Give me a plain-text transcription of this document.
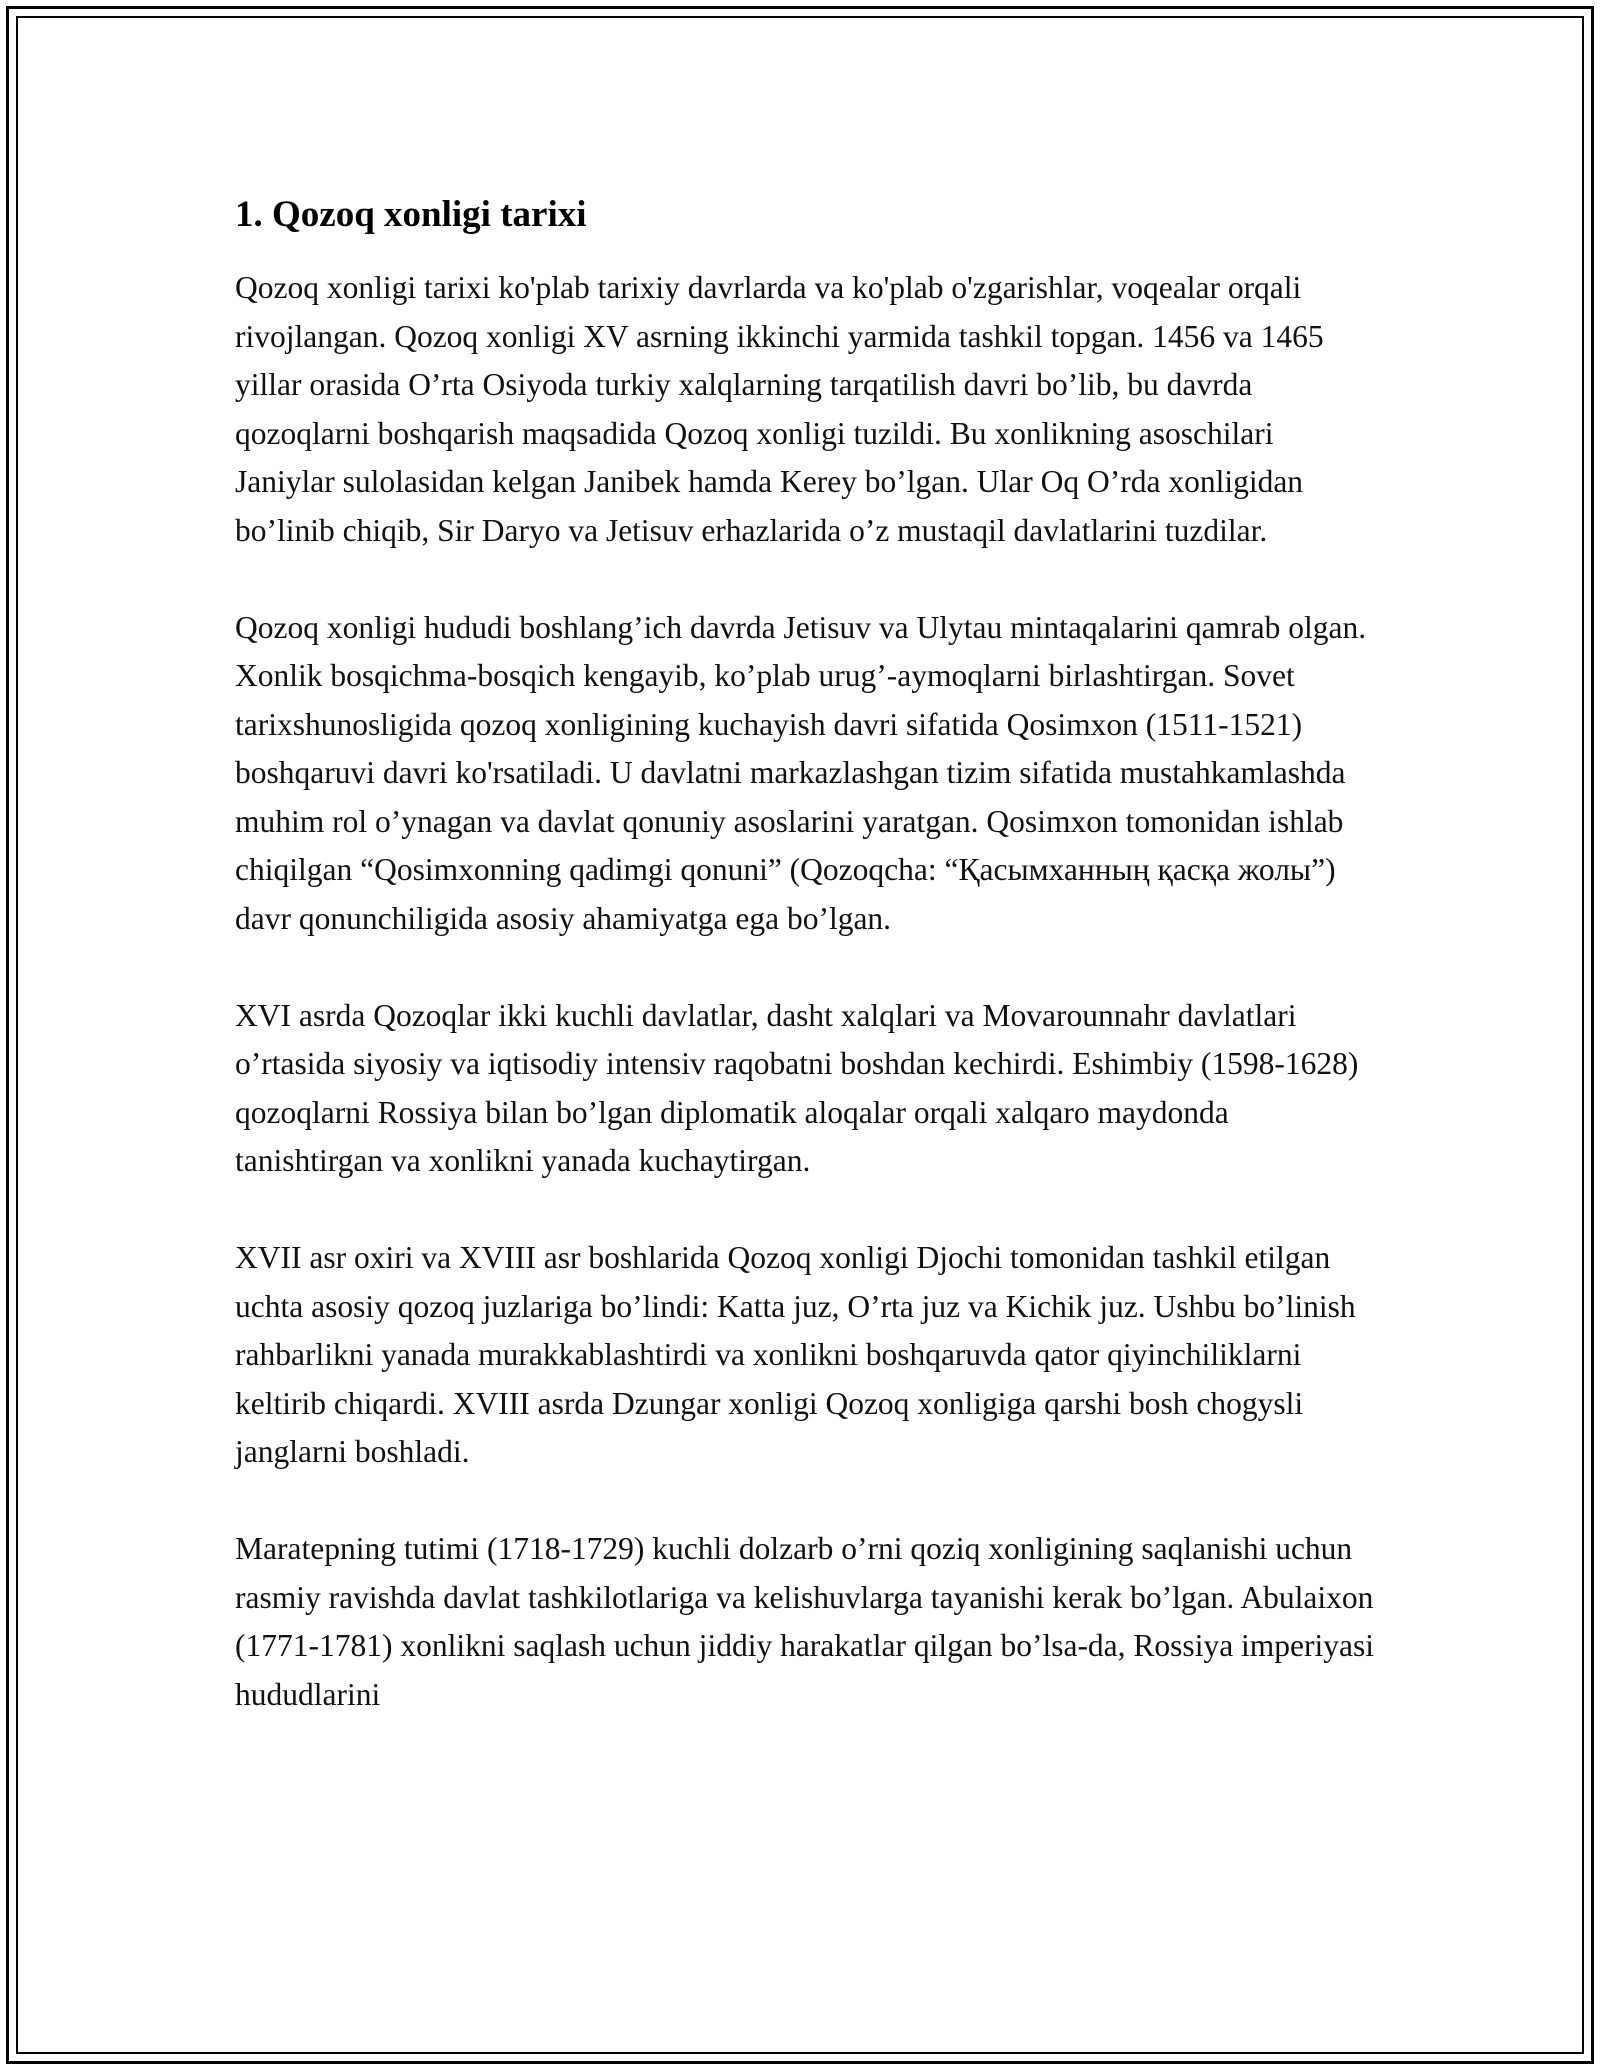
1. Qozoq xonligi tarixi

Qozoq xonligi tarixi ko'plab tarixiy davrlarda va ko'plab o'zgarishlar, voqealar orqali rivojlangan. Qozoq xonligi XV asrning ikkinchi yarmida tashkil topgan. 1456 va 1465 yillar orasida O’rta Osiyoda turkiy xalqlarning tarqatilish davri bo’lib, bu davrda qozoqlarni boshqarish maqsadida Qozoq xonligi tuzildi. Bu xonlikning asoschilari Janiylar sulolasidan kelgan Janibek hamda Kerey bo’lgan. Ular Oq O’rda xonligidan bo’linib chiqib, Sir Daryo va Jetisuv erhazlarida o’z mustaqil davlatlarini tuzdilar.

Qozoq xonligi hududi boshlang’ich davrda Jetisuv va Ulytau mintaqalarini qamrab olgan. Xonlik bosqichma-bosqich kengayib, ko’plab urug’-aymoqlarni birlashtirgan. Sovet tarixshunosligida qozoq xonligining kuchayish davri sifatida Qosimxon (1511-1521) boshqaruvi davri ko'rsatiladi. U davlatni markazlashgan tizim sifatida mustahkamlashda muhim rol o’ynagan va davlat qonuniy asoslarini yaratgan. Qosimxon tomonidan ishlab chiqilgan “Qosimxonning qadimgi qonuni” (Qozoqcha: “Қасымханның қасқа жолы”) davr qonunchiligida asosiy ahamiyatga ega bo’lgan.

XVI asrda Qozoqlar ikki kuchli davlatlar, dasht xalqlari va Movarounnahr davlatlari o’rtasida siyosiy va iqtisodiy intensiv raqobatni boshdan kechirdi. Eshimbiy (1598-1628) qozoqlarni Rossiya bilan bo’lgan diplomatik aloqalar orqali xalqaro maydonda tanishtirgan va xonlikni yanada kuchaytirgan.

XVII asr oxiri va XVIII asr boshlarida Qozoq xonligi Djochi tomonidan tashkil etilgan uchta asosiy qozoq juzlariga bo’lindi: Katta juz, O’rta juz va Kichik juz. Ushbu bo’linish rahbarlikni yanada murakkablashtirdi va xonlikni boshqaruvda qator qiyinchiliklarni keltirib chiqardi. XVIII asrda Dzungar xonligi Qozoq xonligiga qarshi bosh chogysli janglarni boshladi.

Maratepning tutimi (1718-1729) kuchli dolzarb o’rni qoziq xonligining saqlanishi uchun rasmiy ravishda davlat tashkilotlariga va kelishuvlarga tayanishi kerak bo’lgan. Abulaixon (1771-1781) xonlikni saqlash uchun jiddiy harakatlar qilgan bo’lsa-da, Rossiya imperiyasi hududlarini
